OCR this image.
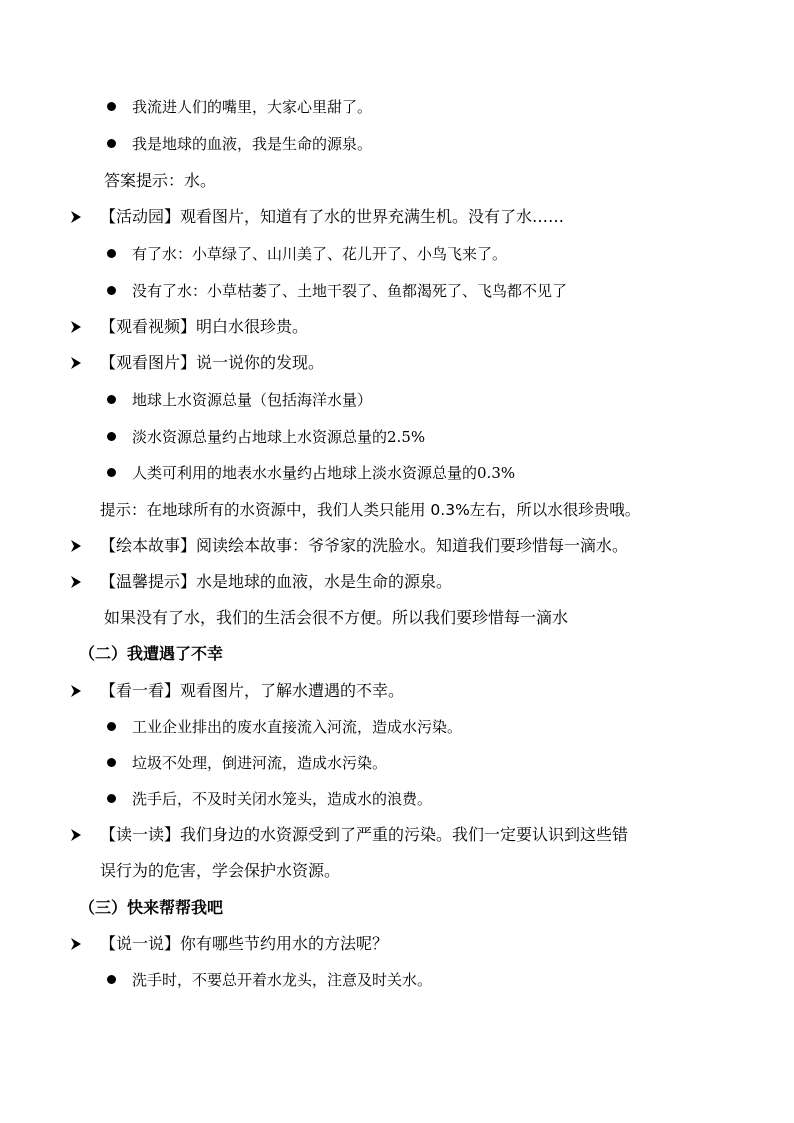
我流进人们的嘴里，大家心里甜了。
我是地球的血液，我是生命的源泉。
答案提示：水。
【活动园】观看图片，知道有了水的世界充满生机。没有了水……
有了水：小草绿了、山川美了、花儿开了、小鸟飞来了。
没有了水：小草枯萎了、土地干裂了、鱼都渴死了、飞鸟都不见了
【观看视频】明白水很珍贵。
【观看图片】说一说你的发现。
地球上水资源总量（包括海洋水量）
淡水资源总量约占地球上水资源总量的2.5%
人类可利用的地表水水量约占地球上淡水资源总量的0.3%
提示：在地球所有的水资源中，我们人类只能用 0.3%左右，所以水很珍贵哦。
【绘本故事】阅读绘本故事：爷爷家的洗脸水。知道我们要珍惜每一滴水。
【温馨提示】水是地球的血液，水是生命的源泉。
如果没有了水，我们的生活会很不方便。所以我们要珍惜每一滴水
（二）我遭遇了不幸
【看一看】观看图片，了解水遭遇的不幸。
工业企业排出的废水直接流入河流，造成水污染。
垃圾不处理，倒进河流，造成水污染。
洗手后，不及时关闭水笼头，造成水的浪费。
【读一读】我们身边的水资源受到了严重的污染。我们一定要认识到这些错
误行为的危害，学会保护水资源。
（三）快来帮帮我吧
【说一说】你有哪些节约用水的方法呢？
洗手时，不要总开着水龙头，注意及时关水。
